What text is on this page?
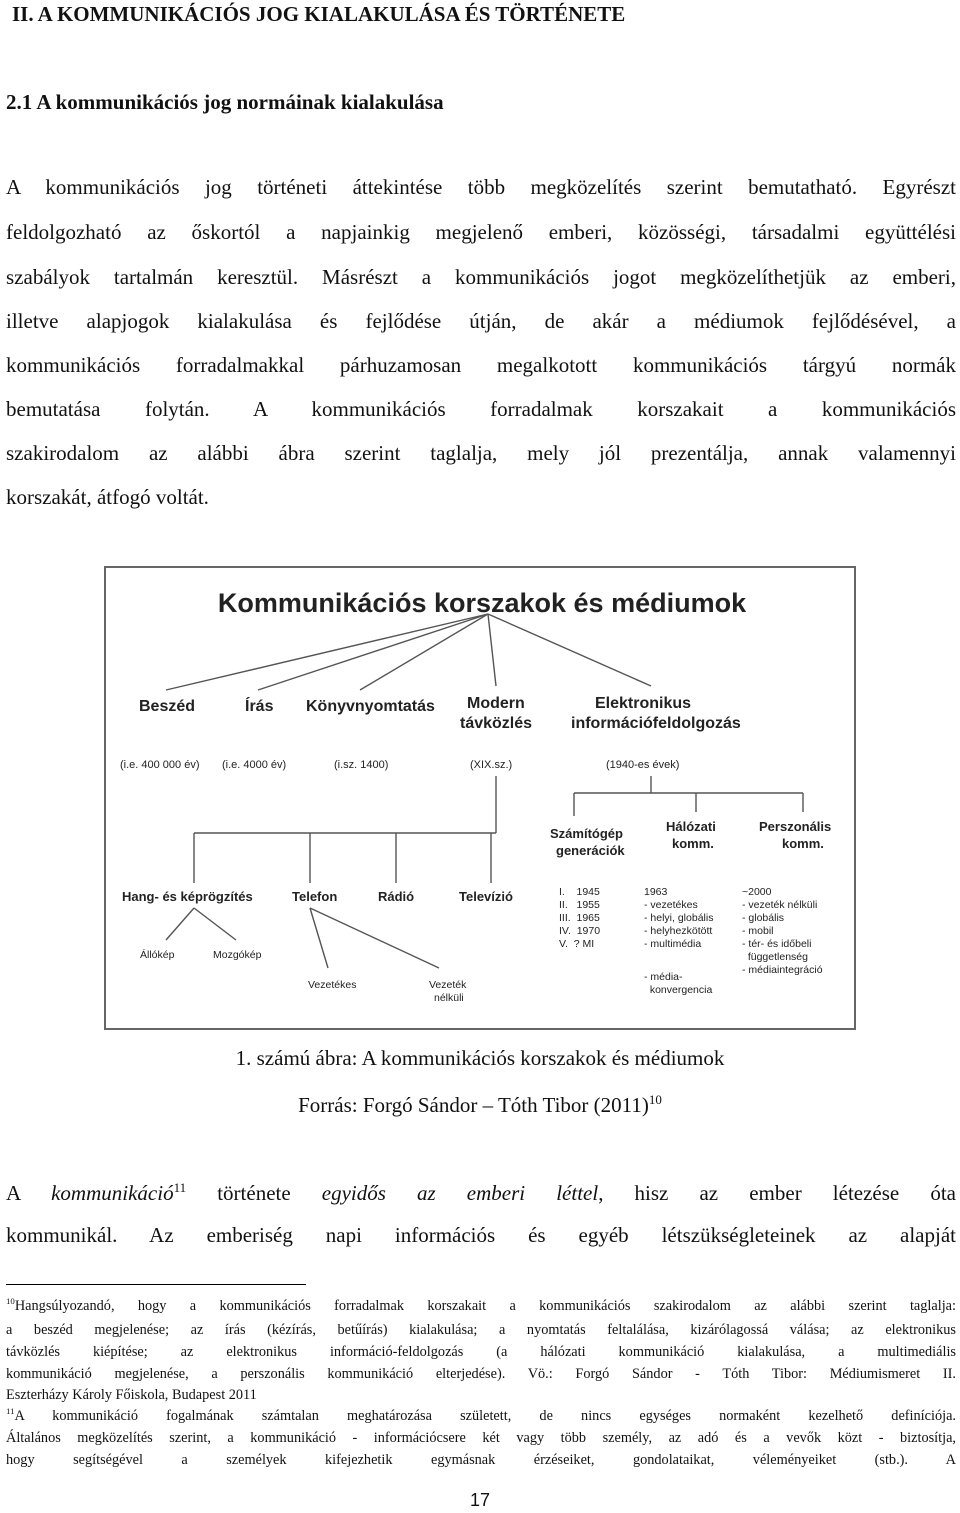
II. A KOMMUNIKÁCIÓS JOG KIALAKULÁSA ÉS TÖRTÉNETE
2.1 A kommunikációs jog normáinak kialakulása
A kommunikációs jog történeti áttekintése több megközelítés szerint bemutatható. Egyrészt
feldolgozható az őskortól a napjainkig megjelenő emberi, közösségi, társadalmi együttélési
szabályok tartalmán keresztül. Másrészt a kommunikációs jogot megközelíthetjük az emberi,
illetve alapjogok kialakulása és fejlődése útján, de akár a médiumok fejlődésével, a
kommunikációs forradalmakkal párhuzamosan megalkotott kommunikációs tárgyú normák
bemutatása folytán. A kommunikációs forradalmak korszakait a kommunikációs
szakirodalom az alábbi ábra szerint taglalja, mely jól prezentálja, annak valamennyi
korszakát, átfogó voltát.
Kommunikációs korszakok és médiumok
Beszéd	Írás Könyvnyomtatás Modern
távközlés
Elektronikus
információfeldolgozás
(i.e. 400 000 év) (i.e. 4000 év)	(i.sz. 1400)	(XIX.sz.)	(1940-es évek)
Hang- és képrögzítés	Telefon	Rádió	Televízió
Állókép	Mozgókép
Vezetékes	Vezeték
nélküli
Számítógép
generációk
Hálózati
komm.
Perszonális
komm.
I.    1945
II.   1955
III.  1965
IV.  1970
V.  ? MI
1963
- vezetékes
- helyi, globális
- helyhezkötött
- multimédia
- média-
konvergencia
~2000
- vezeték nélküli
- globális
- mobil
- tér- és időbeli
függetlenség
- médiaintegráció
1. számú ábra: A kommunikációs korszakok és médiumok
Forrás: Forgó Sándor – Tóth Tibor $(2011)^{10}$
A kommunikáció$^{11}$ története egyidős az emberi léttel, hisz az ember létezése óta
kommunikál. Az emberiség napi információs és egyéb létszükségleteinek az alapját
$^{10}$Hangsúlyozandó, hogy a kommunikációs forradalmak korszakait a kommunikációs szakirodalom az alábbi szerint taglalja:
a beszéd megjelenése; az írás (kézírás, betűírás) kialakulása; a nyomtatás feltalálása, kizárólagossá válása; az elektronikus
távközlés kiépítése; az elektronikus információ-feldolgozás (a hálózati kommunikáció kialakulása, a multimediális
kommunikáció megjelenése, a perszonális kommunikáció elterjedése). Vö.: Forgó Sándor - Tóth Tibor: Médiumismeret II.
Eszterházy Károly Főiskola, Budapest 2011
$^{11}$A kommunikáció fogalmának számtalan meghatározása született, de nincs egységes normaként kezelhető definíciója.
Általános megközelítés szerint, a kommunikáció - információcsere két vagy több személy, az adó és a vevők közt - biztosítja,
hogy segítségével a személyek kifejezhetik egymásnak érzéseiket, gondolataikat, véleményeiket (stb.). A
17
